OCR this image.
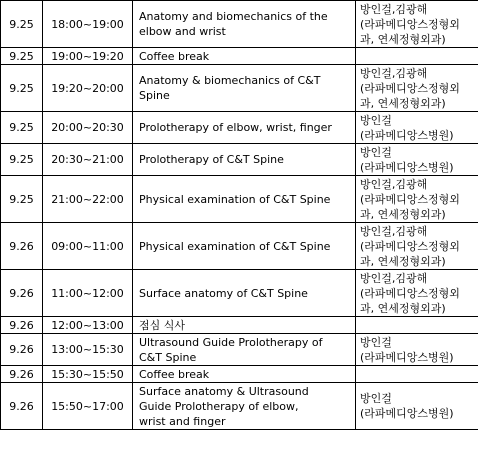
9.25	18:00~19:00	Anatomy and biomechanics of the
elbow and wrist	방인걸,김광해
(라파메디앙스정형외
과, 연세정형외과)

9.25	19:00~19:20	Coffee break	

9.25	19:20~20:00	Anatomy & biomechanics of C&T
Spine	방인걸,김광해
(라파메디앙스정형외
과, 연세정형외과)

9.25	20:00~20:30	Prolotherapy of elbow, wrist, finger	방인걸
(라파메디앙스병원)

9.25	20:30~21:00	Prolotherapy of C&T Spine	방인걸
(라파메디앙스병원)

9.25	21:00~22:00	Physical examination of C&T Spine	방인걸,김광해
(라파메디앙스정형외
과, 연세정형외과)

9.26	09:00~11:00	Physical examination of C&T Spine	방인걸,김광해
(라파메디앙스정형외
과, 연세정형외과)

9.26	11:00~12:00	Surface anatomy of C&T Spine	방인걸,김광해
(라파메디앙스정형외
과, 연세정형외과)

9.26	12:00~13:00	점심 식사	

9.26	13:00~15:30	Ultrasound Guide Prolotherapy of
C&T Spine	방인걸
(라파메디앙스병원)

9.26	15:30~15:50	Coffee break	

9.26	15:50~17:00	Surface anatomy & Ultrasound
Guide Prolotherapy of elbow,
wrist and finger	방인걸
(라파메디앙스병원)
